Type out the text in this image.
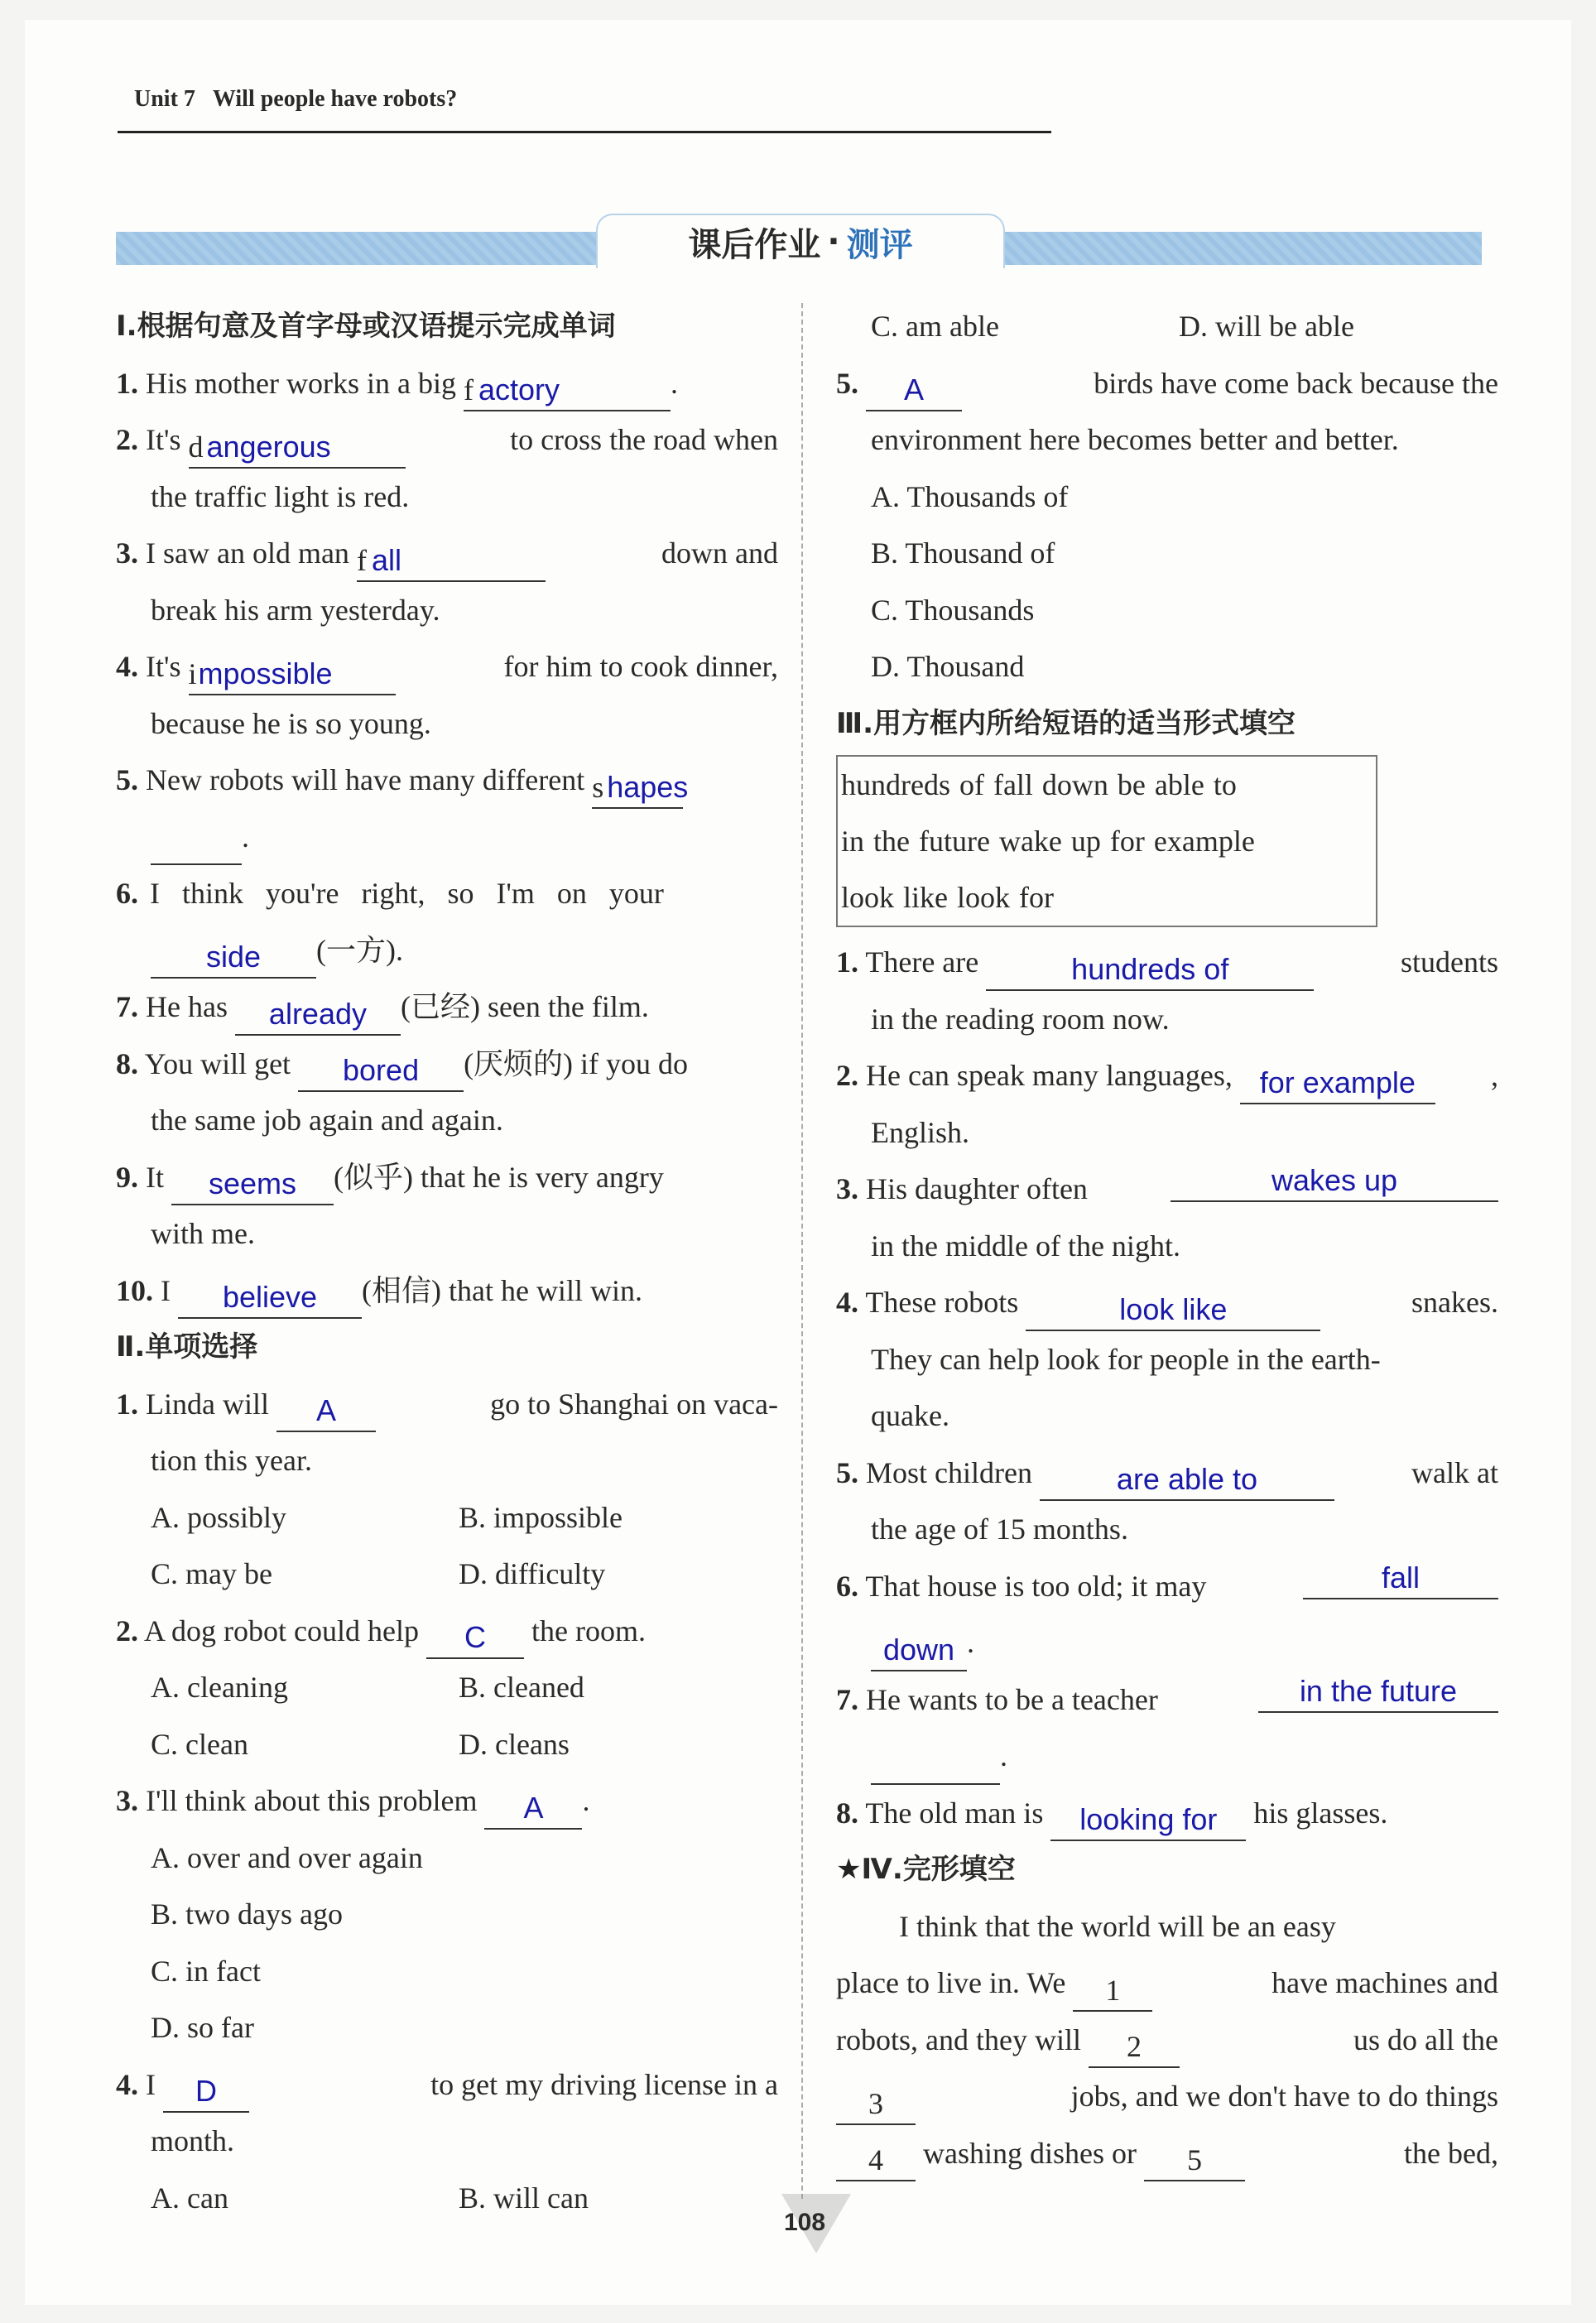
Unit 7 Will people have robots?
课后作业 · 测评
Ⅰ.根据句意及首字母或汉语提示完成单词
1. His mother works in a big f actory	.
2. It's d angerous	to cross the road when
the traffic light is red.
3. I saw an old man f all	down and
break his arm yesterday.
4. It's i mpossible	for him to cook dinner,
because he is so young.
5. New robots will have many different s hapes
.
6. I think you're right, so I'm on your
side	(一方).
7. He has	already	(已经) seen the film.
8. You will get	bored	(厌烦的) if you do
the same job again and again.
9. It	seems	(似乎) that he is very angry
with me.
10. I	believe	(相信) that he will win.
Ⅱ.单项选择
1. Linda will	A	go to Shanghai on vaca-
tion this year.
A. possibly	B. impossible
C. may be	D. difficulty
2. A dog robot could help	C	the room.
A. cleaning	B. cleaned
C. clean	D. cleans
3. I'll think about this problem	A	.
A. over and over again
B. two days ago
C. in fact
D. so far
4. I	D	to get my driving license in a
month.
A. can	B. will can
C. am able	D. will be able
5.	A	birds have come back because the
environment here becomes better and better.
A. Thousands of
B. Thousand of
C. Thousands
D. Thousand
Ⅲ.用方框内所给短语的适当形式填空
hundreds of fall down be able to
in the future wake up for example
look like look for
1. There are	hundreds of	students
in the reading room now.
2. He can speak many languages, for example	,
English.
3. His daughter often	wakes up
in the middle of the night.
4. These robots	look like	snakes.
They can help look for people in the earth-
quake.
5. Most children	are able to	walk at
the age of 15 months.
6. That house is too old; it may	fall
down .
7. He wants to be a teacher	in the future
.
8. The old man is looking for his glasses.
★Ⅳ.完形填空
I think that the world will be an easy
place to live in. We 1	have machines and
robots, and they will 2	us do all the
3	jobs, and we don't have to do things
4 washing dishes or 5	the bed,
108
